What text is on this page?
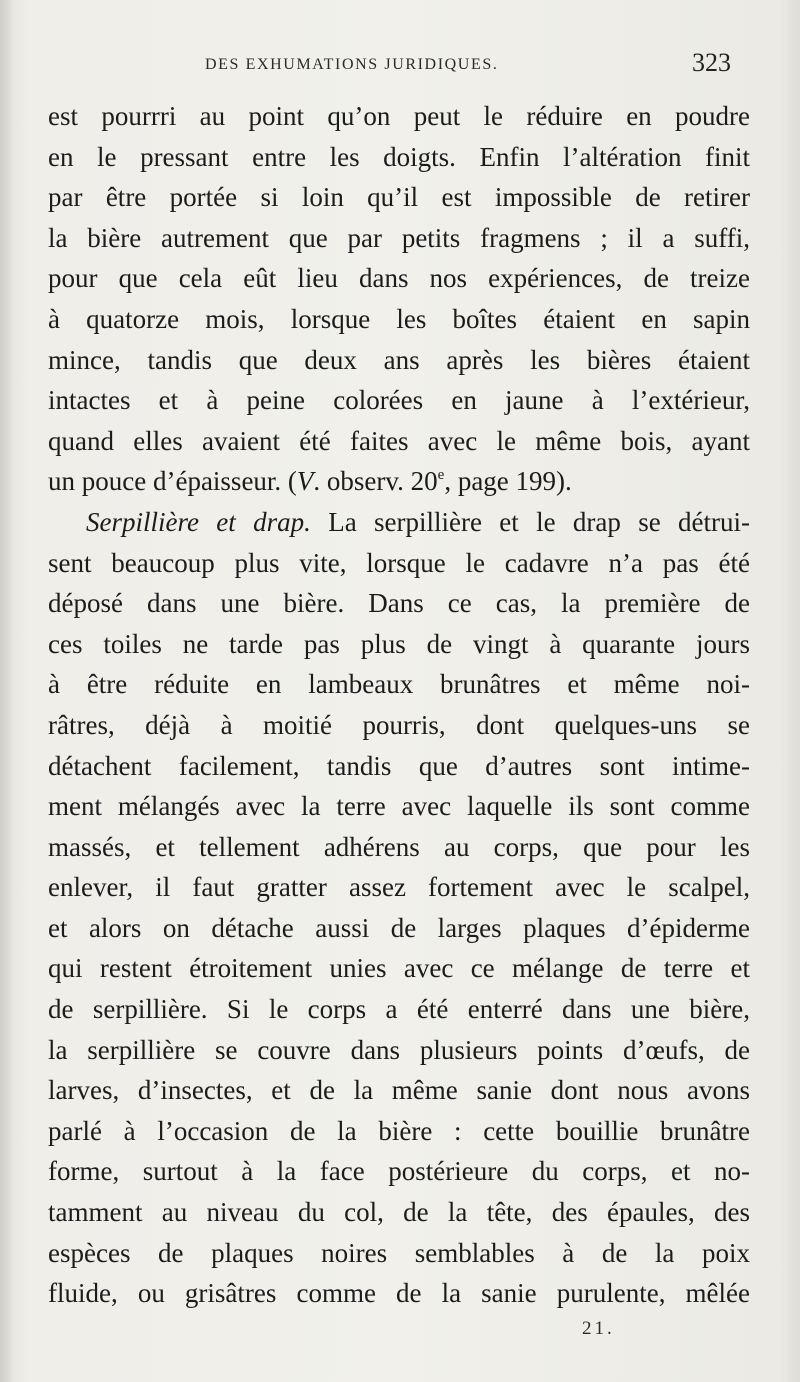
DES EXHUMATIONS JURIDIQUES.	323
est pourrri au point qu’on peut le réduire en poudre
en le pressant entre les doigts. Enfin l’altération finit
par être portée si loin qu’il est impossible de retirer
la bière autrement que par petits fragmens ; il a suffi,
pour que cela eût lieu dans nos expériences, de treize
à quatorze mois, lorsque les boîtes étaient en sapin
mince, tandis que deux ans après les bières étaient
intactes et à peine colorées en jaune à l’extérieur,
quand elles avaient été faites avec le même bois, ayant
un pouce d’épaisseur. (V. observ. 20e, page 199).
Serpillière et drap. La serpillière et le drap se détrui-
sent beaucoup plus vite, lorsque le cadavre n’a pas été
déposé dans une bière. Dans ce cas, la première de
ces toiles ne tarde pas plus de vingt à quarante jours
à être réduite en lambeaux brunâtres et même noi-
râtres, déjà à moitié pourris, dont quelques-uns se
détachent facilement, tandis que d’autres sont intime-
ment mélangés avec la terre avec laquelle ils sont comme
massés, et tellement adhérens au corps, que pour les
enlever, il faut gratter assez fortement avec le scalpel,
et alors on détache aussi de larges plaques d’épiderme
qui restent étroitement unies avec ce mélange de terre et
de serpillière. Si le corps a été enterré dans une bière,
la serpillière se couvre dans plusieurs points d’œufs, de
larves, d’insectes, et de la même sanie dont nous avons
parlé à l’occasion de la bière : cette bouillie brunâtre
forme, surtout à la face postérieure du corps, et no-
tamment au niveau du col, de la tête, des épaules, des
espèces de plaques noires semblables à de la poix
fluide, ou grisâtres comme de la sanie purulente, mêlée
21.
